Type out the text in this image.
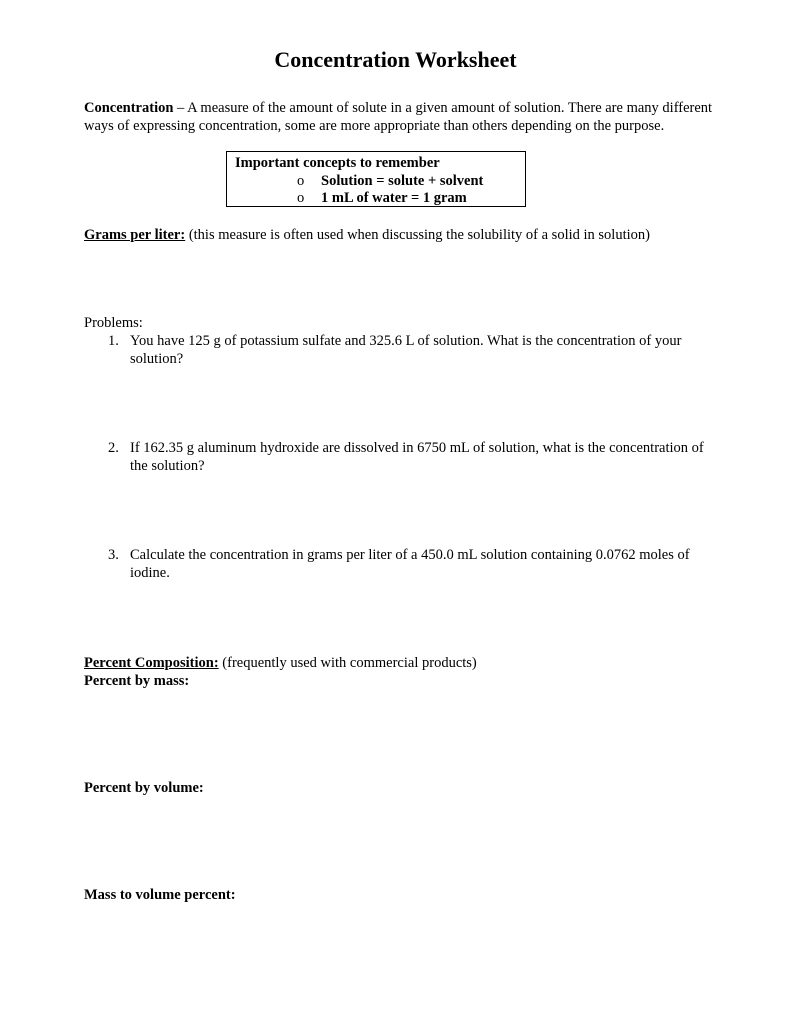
Concentration Worksheet

Concentration – A measure of the amount of solute in a given amount of solution. There are many different ways of expressing concentration, some are more appropriate than others depending on the purpose.

Important concepts to remember

o Solution = solute + solvent

o 1 mL of water = 1 gram

Grams per liter: (this measure is often used when discussing the solubility of a solid in solution)

Problems:

1. You have 125 g of potassium sulfate and 325.6 L of solution. What is the concentration of your solution?
2. If 162.35 g aluminum hydroxide are dissolved in 6750 mL of solution, what is the concentration of the solution?
3. Calculate the concentration in grams per liter of a 450.0 mL solution containing 0.0762 moles of iodine.

Percent Composition: (frequently used with commercial products)

Percent by mass:

Percent by volume:

Mass to volume percent:
